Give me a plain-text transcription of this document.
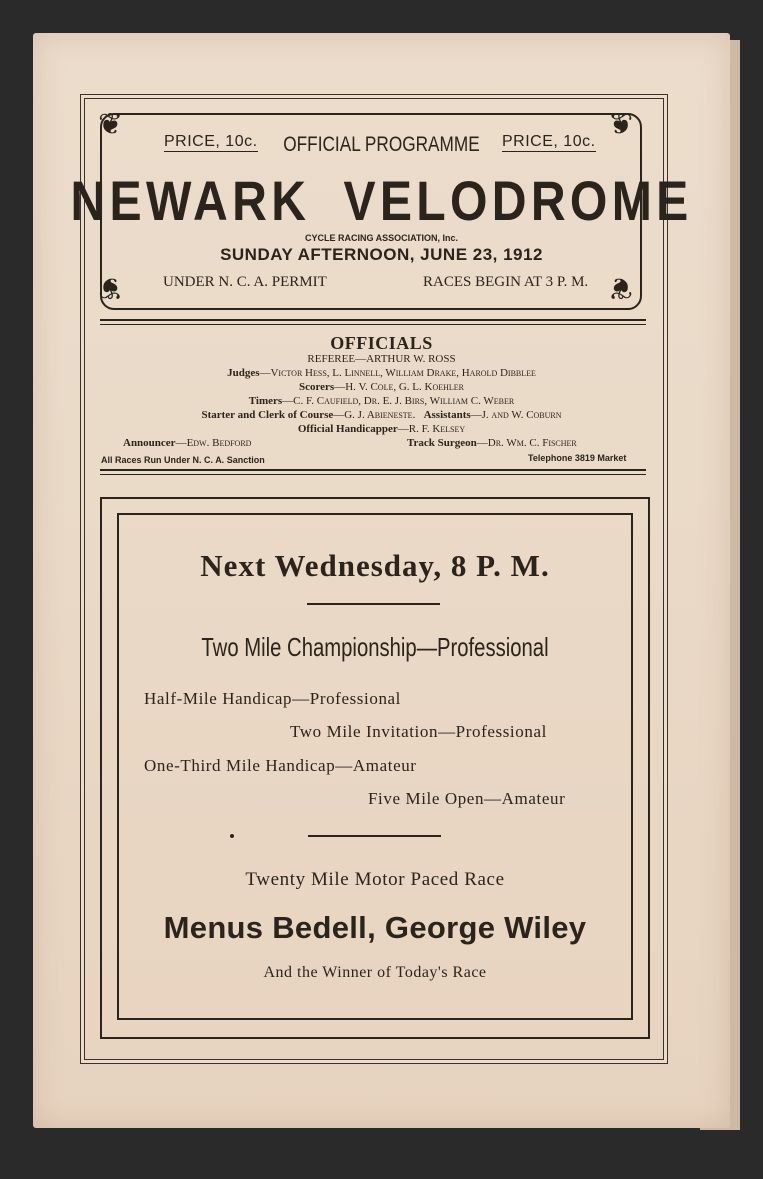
❦	❦
❦	❦
PRICE, 10c.	PRICE, 10c.
OFFICIAL PROGRAMME
NEWARK VELODROME
CYCLE RACING ASSOCIATION, Inc.
SUNDAY AFTERNOON, JUNE 23, 1912
UNDER N. C. A. PERMIT	RACES BEGIN AT 3 P. M.
OFFICIALS
REFEREE—ARTHUR W. ROSS
Judges—Victor Hess, L. Linnell, William Drake, Harold Dibblee
Scorers—H. V. Cole, G. L. Koehler
Timers—C. F. Caufield, Dr. E. J. Birs, William C. Weber
Starter and Clerk of Course—G. J. Abieneste. Assistants—J. and W. Coburn
Official Handicapper—R. F. Kelsey
Announcer—Edw. Bedford	Track Surgeon—Dr. Wm. C. Fischer
All Races Run Under N. C. A. Sanction	Telephone 3819 Market
Next Wednesday, 8 P. M.
Two Mile Championship—Professional
Half-Mile Handicap—Professional
Two Mile Invitation—Professional
One-Third Mile Handicap—Amateur
Five Mile Open—Amateur
Twenty Mile Motor Paced Race
Menus Bedell, George Wiley
And the Winner of Today's Race
